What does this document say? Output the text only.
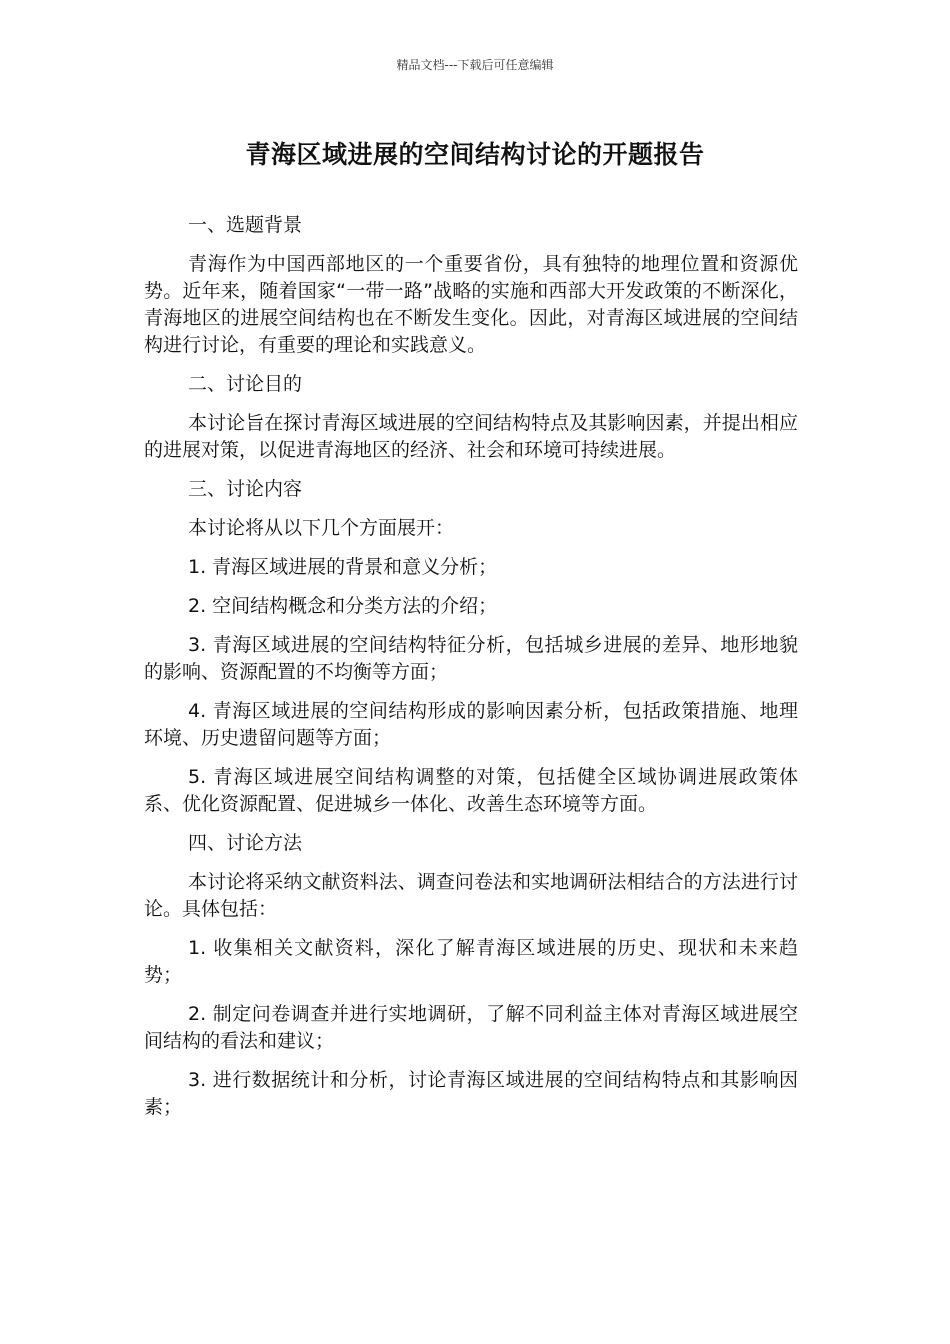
精品文档---下载后可任意编辑
青海区域进展的空间结构讨论的开题报告

一、选题背景

青海作为中国西部地区的一个重要省份，具有独特的地理位置和资源优势。近年来，随着国家“一带一路”战略的实施和西部大开发政策的不断深化，青海地区的进展空间结构也在不断发生变化。因此，对青海区域进展的空间结构进行讨论，有重要的理论和实践意义。

二、讨论目的

本讨论旨在探讨青海区域进展的空间结构特点及其影响因素，并提出相应的进展对策，以促进青海地区的经济、社会和环境可持续进展。

三、讨论内容

本讨论将从以下几个方面展开：

1. 青海区域进展的背景和意义分析；

2. 空间结构概念和分类方法的介绍；

3. 青海区域进展的空间结构特征分析，包括城乡进展的差异、地形地貌的影响、资源配置的不均衡等方面；

4. 青海区域进展的空间结构形成的影响因素分析，包括政策措施、地理环境、历史遗留问题等方面；

5. 青海区域进展空间结构调整的对策，包括健全区域协调进展政策体系、优化资源配置、促进城乡一体化、改善生态环境等方面。

四、讨论方法

本讨论将采纳文献资料法、调查问卷法和实地调研法相结合的方法进行讨论。具体包括：

1. 收集相关文献资料，深化了解青海区域进展的历史、现状和未来趋势；

2. 制定问卷调查并进行实地调研，了解不同利益主体对青海区域进展空间结构的看法和建议；

3. 进行数据统计和分析，讨论青海区域进展的空间结构特点和其影响因素；
